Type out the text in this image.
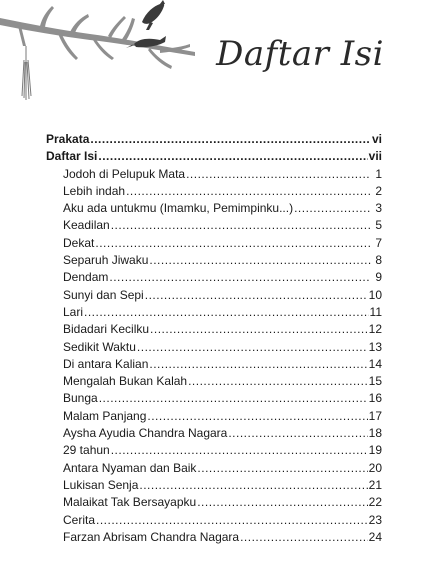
Daftar Isi
Prakata .....	vi
Daftar Isi .....	vii
Jodoh di Pelupuk Mata .....	1
Lebih indah .....	2
Aku ada untukmu (Imamku, Pemimpinku...) .....	3
Keadilan .....	5
Dekat .....	7
Separuh Jiwaku .....	8
Dendam .....	9
Sunyi dan Sepi .....	10
Lari .....	11
Bidadari Kecilku .....	12
Sedikit Waktu .....	13
Di antara Kalian .....	14
Mengalah Bukan Kalah .....	15
Bunga .....	16
Malam Panjang .....	17
Aysha Ayudia Chandra Nagara .....	18
29 tahun .....	19
Antara Nyaman dan Baik .....	20
Lukisan Senja .....	21
Malaikat Tak Bersayapku .....	22
Cerita .....	23
Farzan Abrisam Chandra Nagara .....	24
